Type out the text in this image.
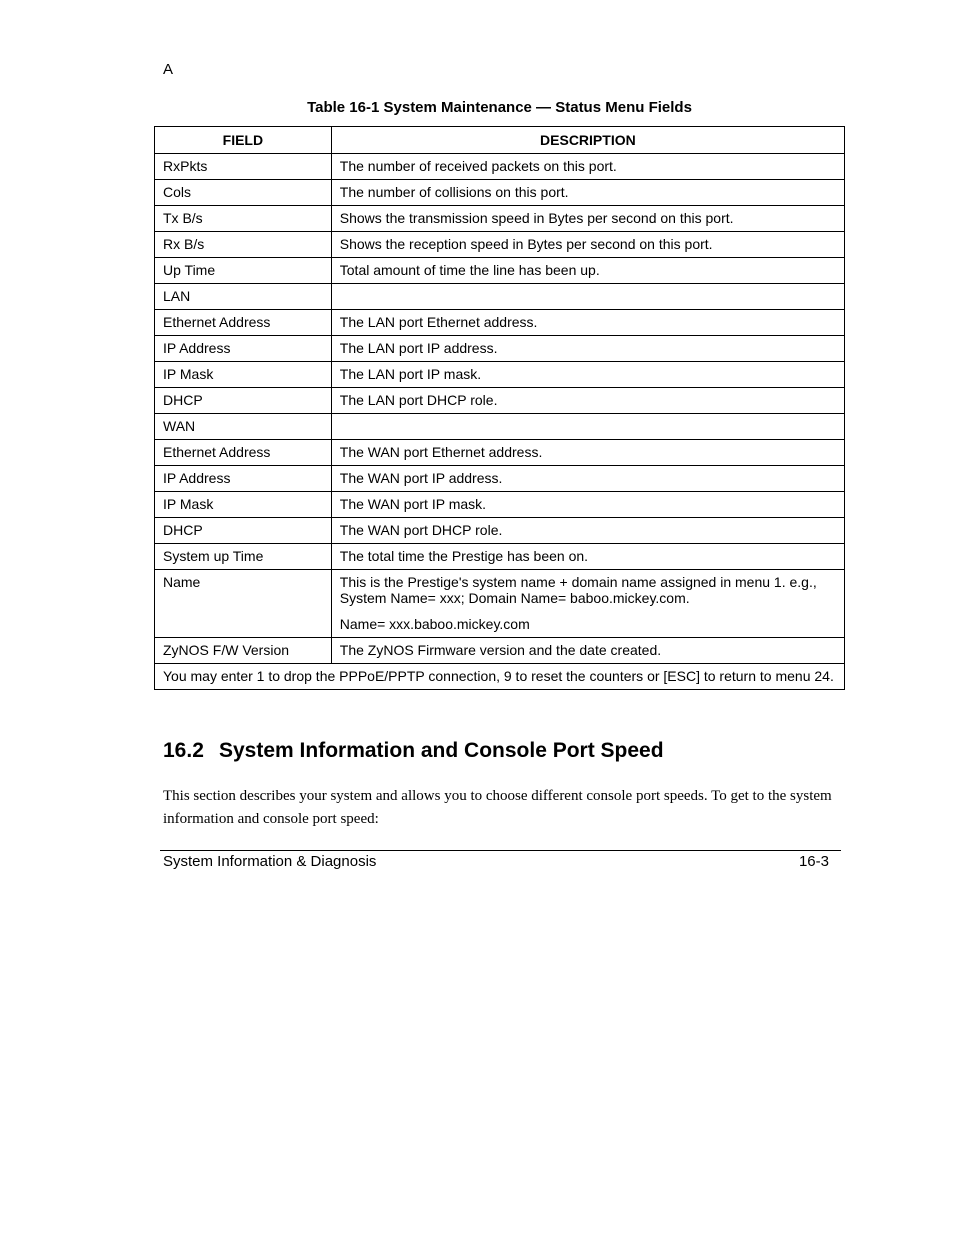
A
Table 16-1 System Maintenance — Status Menu Fields
FIELD	DESCRIPTION
RxPkts	The number of received packets on this port.
Cols	The number of collisions on this port.
Tx B/s	Shows the transmission speed in Bytes per second on this port.
Rx B/s	Shows the reception speed in Bytes per second on this port.
Up Time	Total amount of time the line has been up.
LAN	
Ethernet Address	The LAN port Ethernet address.
IP Address	The LAN port IP address.
IP Mask	The LAN port IP mask.
DHCP	The LAN port DHCP role.
WAN	
Ethernet Address	The WAN port Ethernet address.
IP Address	The WAN port IP address.
IP Mask	The WAN port IP mask.
DHCP	The WAN port DHCP role.
System up Time	The total time the Prestige has been on.
Name	This is the Prestige's system name + domain name assigned in menu 1. e.g., System Name= xxx; Domain Name= baboo.mickey.com.
Name= xxx.baboo.mickey.com

ZyNOS F/W Version	The ZyNOS Firmware version and the date created.
You may enter 1 to drop the PPPoE/PPTP connection, 9 to reset the counters or [ESC] to return to menu 24.	
16.2 System Information and Console Port Speed
This section describes your system and allows you to choose different console port speeds. To get to the system information and console port speed:
System Information & Diagnosis	16-3
